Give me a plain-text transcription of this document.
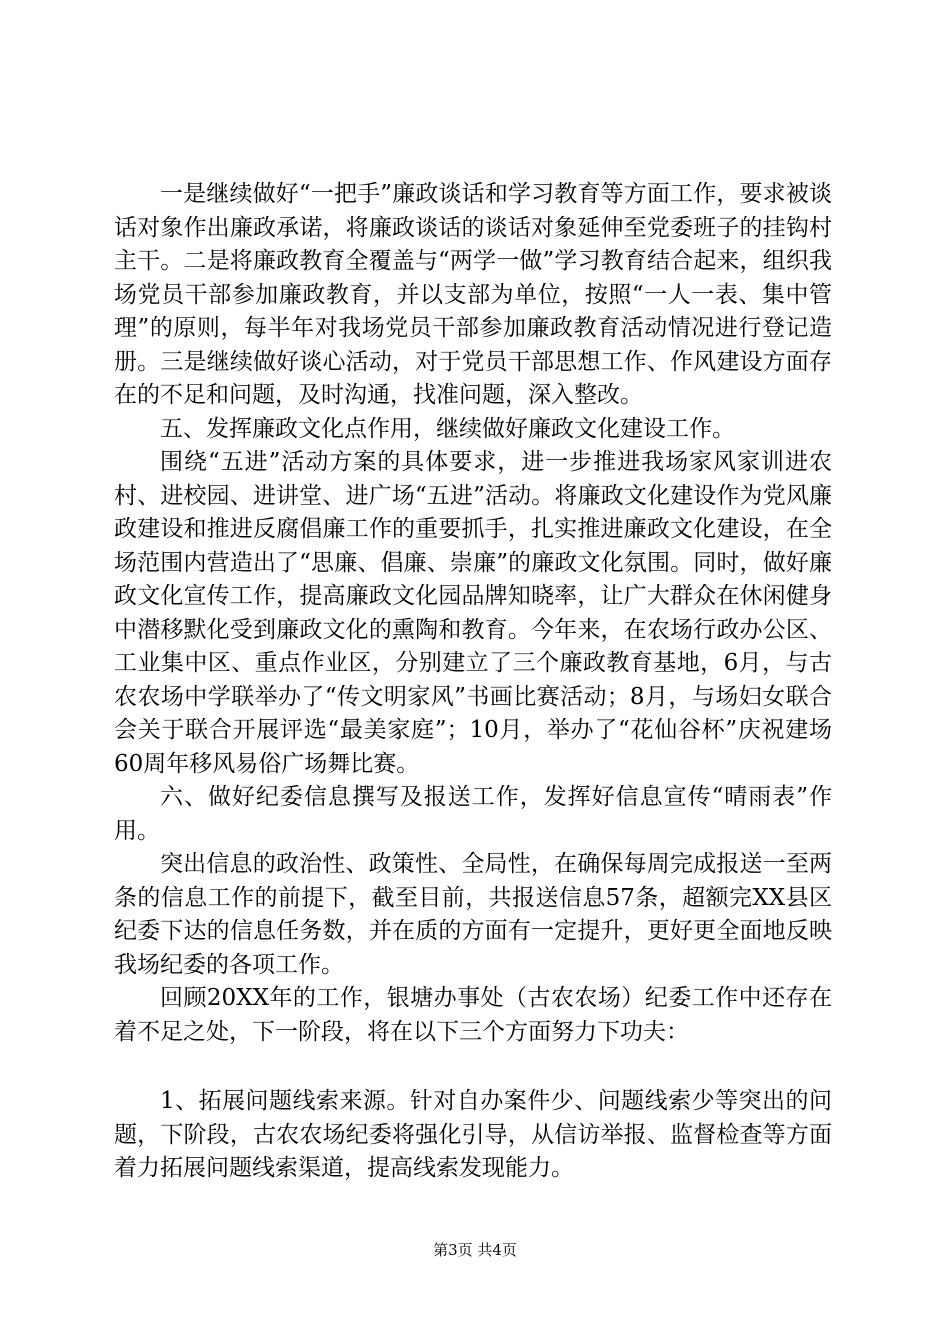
一是继续做好“一把手”廉政谈话和学习教育等方面工作，要求被谈话对象作出廉政承诺，将廉政谈话的谈话对象延伸至党委班子的挂钩村主干。二是将廉政教育全覆盖与“两学一做”学习教育结合起来，组织我场党员干部参加廉政教育，并以支部为单位，按照“一人一表、集中管理”的原则，每半年对我场党员干部参加廉政教育活动情况进行登记造册。三是继续做好谈心活动，对于党员干部思想工作、作风建设方面存在的不足和问题，及时沟通，找准问题，深入整改。

五、发挥廉政文化点作用，继续做好廉政文化建设工作。

围绕“五进”活动方案的具体要求，进一步推进我场家风家训进农村、进校园、进讲堂、进广场“五进”活动。将廉政文化建设作为党风廉政建设和推进反腐倡廉工作的重要抓手，扎实推进廉政文化建设，在全场范围内营造出了“思廉、倡廉、崇廉”的廉政文化氛围。同时，做好廉政文化宣传工作，提高廉政文化园品牌知晓率，让广大群众在休闲健身中潜移默化受到廉政文化的熏陶和教育。今年来，在农场行政办公区、工业集中区、重点作业区，分别建立了三个廉政教育基地，6月，与古农农场中学联举办了“传文明家风”书画比赛活动；8月，与场妇女联合会关于联合开展评选“最美家庭”；10月，举办了“花仙谷杯”庆祝建场60周年移风易俗广场舞比赛。

六、做好纪委信息撰写及报送工作，发挥好信息宣传“晴雨表”作用。

突出信息的政治性、政策性、全局性，在确保每周完成报送一至两条的信息工作的前提下，截至目前，共报送信息57条，超额完XX县区纪委下达的信息任务数，并在质的方面有一定提升，更好更全面地反映我场纪委的各项工作。

回顾20XX年的工作，银塘办事处（古农农场）纪委工作中还存在着不足之处，下一阶段，将在以下三个方面努力下功夫：

1、拓展问题线索来源。针对自办案件少、问题线索少等突出的问题，下阶段，古农农场纪委将强化引导，从信访举报、监督检查等方面着力拓展问题线索渠道，提高线索发现能力。

第3页 共4页
